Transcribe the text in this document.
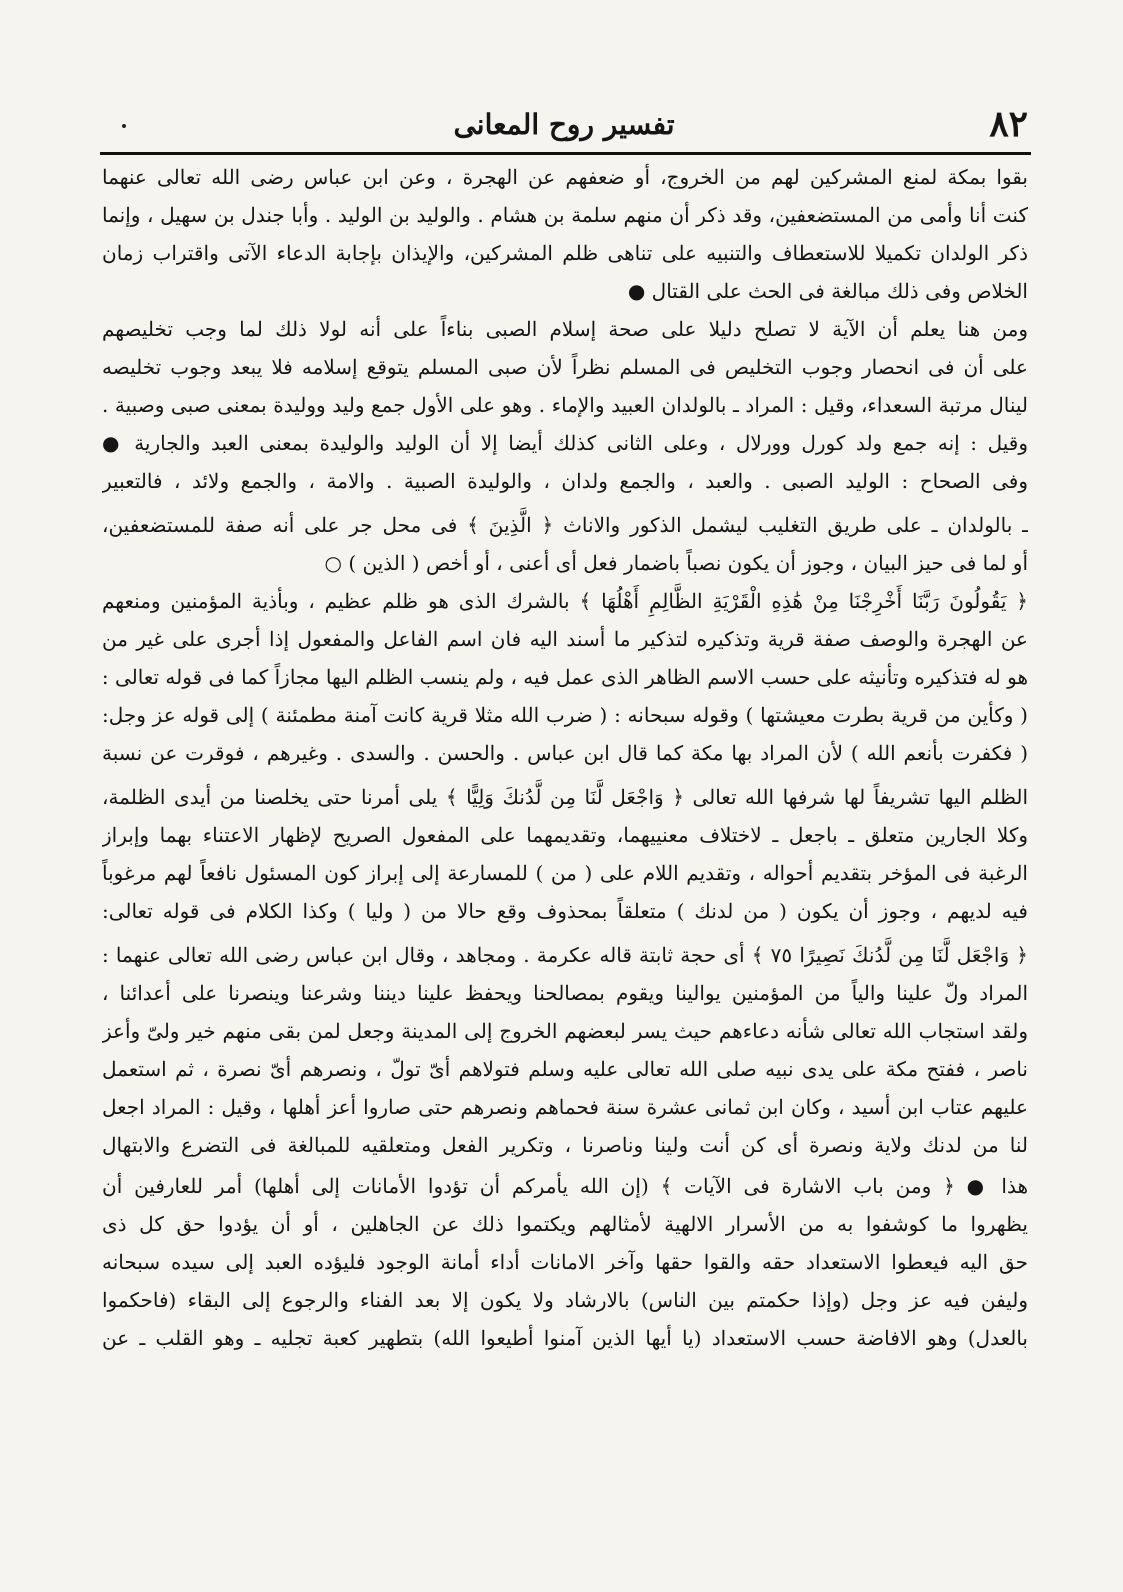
تفسير روح المعانى	٨٢
بقوا بمكة لمنع المشركين لهم من الخروج، أو ضعفهم عن الهجرة ، وعن ابن عباس رضى الله تعالى عنهما
كنت أنا وأمى من المستضعفين، وقد ذكر أن منهم سلمة بن هشام . والوليد بن الوليد . وأبا جندل بن سهيل ، وإنما
ذكر الولدان تكميلا للاستعطاف والتنبيه على تناهى ظلم المشركين، والإيذان بإجابة الدعاء الآتى واقتراب زمان
الخلاص وفى ذلك مبالغة فى الحث على القتال ●
ومن هنا يعلم أن الآية لا تصلح دليلا على صحة إسلام الصبى بناءاً على أنه لولا ذلك لما وجب تخليصهم
على أن فى انحصار وجوب التخليص فى المسلم نظراً لأن صبى المسلم يتوقع إسلامه فلا يبعد وجوب تخليصه
لينال مرتبة السعداء، وقيل : المراد ـ بالولدان العبيد والإماء . وهو على الأول جمع وليد ووليدة بمعنى صبى وصبية .
وقيل : إنه جمع ولد كورل وورلال ، وعلى الثانى كذلك أيضا إلا أن الوليد والوليدة بمعنى العبد والجارية ●
وفى الصحاح : الوليد الصبى . والعبد ، والجمع ولدان ، والوليدة الصبية . والامة ، والجمع ولائد ، فالتعبير
ـ بالولدان ـ على طريق التغليب ليشمل الذكور والاناث ﴿ الَّذِينَ ﴾ فى محل جر على أنه صفة للمستضعفين،
أو لما فى حيز البيان ، وجوز أن يكون نصباً باضمار فعل أى أعنى ، أو أخص ( الذين ) ○
﴿ يَقُولُونَ رَبَّنَا أَخْرِجْنَا مِنْ هَٰذِهِ الْقَرْيَةِ الظَّالِمِ أَهْلُهَا ﴾ بالشرك الذى هو ظلم عظيم ، وبأذية المؤمنين ومنعهم
عن الهجرة والوصف صفة قرية وتذكيره لتذكير ما أسند اليه فان اسم الفاعل والمفعول إذا أجرى على غير من
هو له فتذكيره وتأنيثه على حسب الاسم الظاهر الذى عمل فيه ، ولم ينسب الظلم اليها مجازاً كما فى قوله تعالى :
( وكأين من قرية بطرت معيشتها ) وقوله سبحانه : ( ضرب الله مثلا قرية كانت آمنة مطمئنة ) إلى قوله عز وجل:
( فكفرت بأنعم الله ) لأن المراد بها مكة كما قال ابن عباس . والحسن . والسدى . وغيرهم ، فوقرت عن نسبة
الظلم اليها تشريفاً لها شرفها الله تعالى ﴿ وَاجْعَل لَّنَا مِن لَّدُنكَ وَلِيًّا ﴾ يلى أمرنا حتى يخلصنا من أيدى الظلمة،
وكلا الجارين متعلق ـ باجعل ـ لاختلاف معنييهما، وتقديمهما على المفعول الصريح لإظهار الاعتناء بهما وإبراز
الرغبة فى المؤخر بتقديم أحواله ، وتقديم اللام على ( من ) للمسارعة إلى إبراز كون المسئول نافعاً لهم مرغوباً
فيه لديهم ، وجوز أن يكون ( من لدنك ) متعلقاً بمحذوف وقع حالا من ( وليا ) وكذا الكلام فى قوله تعالى:
﴿ وَاجْعَل لَّنَا مِن لَّدُنكَ نَصِيرًا ٧٥ ﴾ أى حجة ثابتة قاله عكرمة . ومجاهد ، وقال ابن عباس رضى الله تعالى عنهما :
المراد ولّ علينا والياً من المؤمنين يوالينا ويقوم بمصالحنا ويحفظ علينا ديننا وشرعنا وينصرنا على أعدائنا ،
ولقد استجاب الله تعالى شأنه دعاءهم حيث يسر لبعضهم الخروج إلى المدينة وجعل لمن بقى منهم خير ولىّ وأعز
ناصر ، ففتح مكة على يدى نبيه صلى الله تعالى عليه وسلم فتولاهم أىّ تولّ ، ونصرهم أىّ نصرة ، ثم استعمل
عليهم عتاب ابن أسيد ، وكان ابن ثمانى عشرة سنة فحماهم ونصرهم حتى صاروا أعز أهلها ، وقيل : المراد اجعل
لنا من لدنك ولاية ونصرة أى كن أنت ولينا وناصرنا ، وتكرير الفعل ومتعلقيه للمبالغة فى التضرع والابتهال
هذا ● ﴿ ومن باب الاشارة فى الآيات ﴾ (إن الله يأمركم أن تؤدوا الأمانات إلى أهلها) أمر للعارفين أن
يظهروا ما كوشفوا به من الأسرار الالهية لأمثالهم ويكتموا ذلك عن الجاهلين ، أو أن يؤدوا حق كل ذى
حق اليه فيعطوا الاستعداد حقه والقوا حقها وآخر الامانات أداء أمانة الوجود فليؤده العبد إلى سيده سبحانه
وليفن فيه عز وجل (وإذا حكمتم بين الناس) بالارشاد ولا يكون إلا بعد الفناء والرجوع إلى البقاء (فاحكموا
بالعدل) وهو الافاضة حسب الاستعداد (يا أيها الذين آمنوا أطيعوا الله) بتطهير كعبة تجليه ـ وهو القلب ـ عن
